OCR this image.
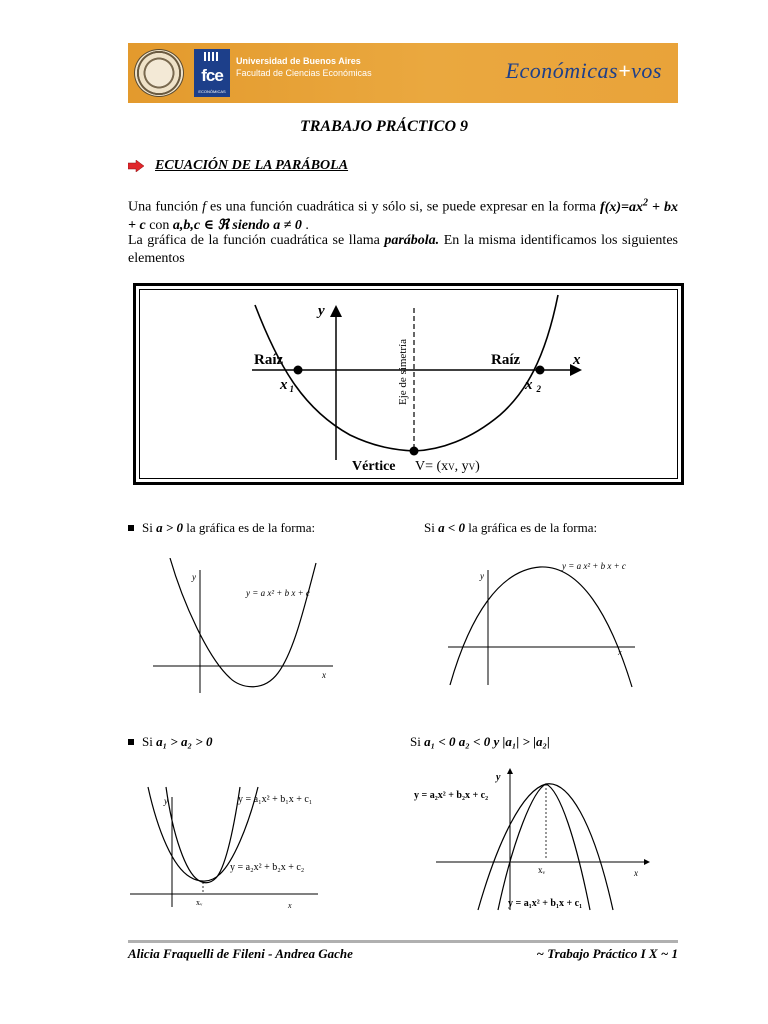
fce
ECONÓMICAS
Universidad de Buenos Aires
Facultad de Ciencias Económicas	Económicas+vos
TRABAJO PRÁCTICO 9
ECUACIÓN DE LA PARÁBOLA
Una función f es una función cuadrática si y sólo si, se puede expresar en la forma $f(x)=ax^2$ + bx + c con a,b,c ∈ ℜ siendo a ≠ 0 .
La gráfica de la función cuadrática se llama parábola. En la misma identificamos los siguientes elementos
y
x
Raíz	Raíz
x $_1$	x $_2$
Eje de simetría
Vértice V= (xV, yV)
Si a > 0 la gráfica es de la forma:	Si a < 0 la gráfica es de la forma:
y
x
y = a x² + b x + c
y
x
y = a x² + b x + c
Si a₁ > a₂ > 0	Si a₁ < 0 a₂ < 0 y |a₁| > |a₂|
y
x
xᵥ
y = a₁x² + b₁x + c₁
y = a₂x² + b₂x + c₂
y
x
xᵥ
y = a₂x² + b₂x + c₂
y = a₁x² + b₁x + c₁
Alicia Fraquelli de Fileni - Andrea Gache	~ Trabajo Práctico I X ~ 1
